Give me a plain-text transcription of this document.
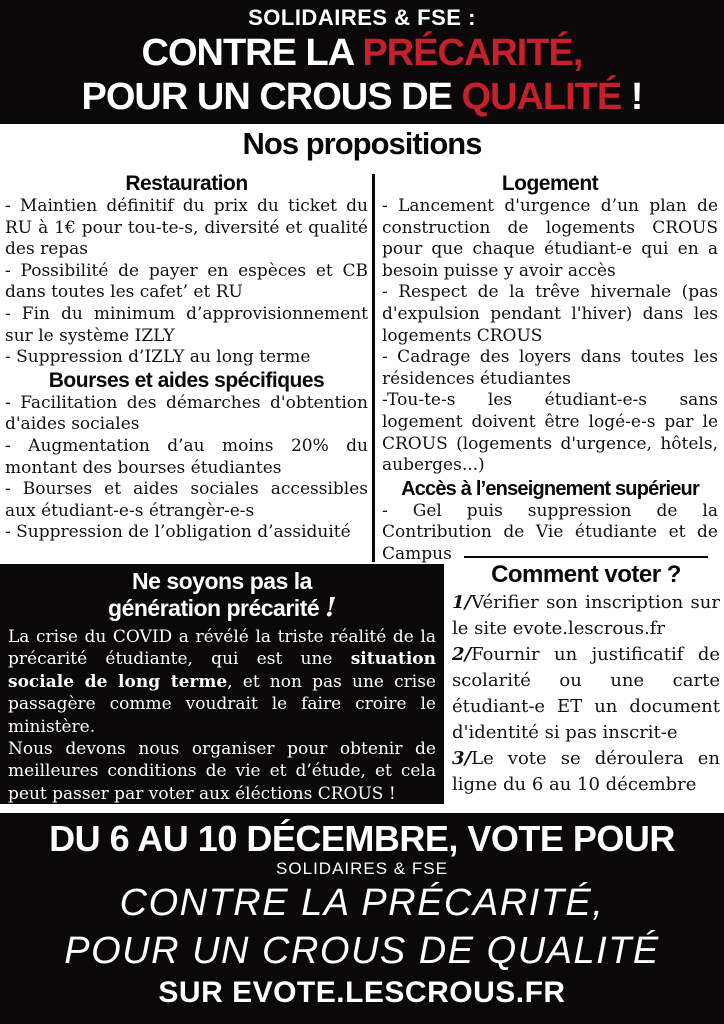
SOLIDAIRES & FSE :
CONTRE LA PRÉCARITÉ,
POUR UN CROUS DE QUALITÉ !
Nos propositions

Restauration

- Maintien définitif du prix du ticket du RU à 1€ pour tou-te-s, diversité et qualité des repas

- Possibilité de payer en espèces et CB dans toutes les cafet’ et RU

- Fin du minimum d’approvisionnement sur le système IZLY

- Suppression d’IZLY au long terme

Bourses et aides spécifiques

- Facilitation des démarches d'obtention d'aides sociales

- Augmentation d’au moins 20% du montant des bourses étudiantes

- Bourses et aides sociales accessibles aux étudiant-e-s étrangèr-e-s

- Suppression de l’obligation d’assiduité

Logement

- Lancement d'urgence d’un plan de construction de logements CROUS pour que chaque étudiant-e qui en a besoin puisse y avoir accès

- Respect de la trêve hivernale (pas d'expulsion pendant l'hiver) dans les logements CROUS

- Cadrage des loyers dans toutes les résidences étudiantes

-Tou-te-s les étudiant-e-s sans logement doivent être logé-e-s par le CROUS (logements d'urgence, hôtels, auberges...)

Accès à l’enseignement supérieur

- Gel puis suppression de la Contribution de Vie étudiante et de Campus

Ne soyons pas la
génération précarité !
La crise du COVID a révélé la triste réalité de la précarité étudiante, qui est une situation sociale de long terme, et non pas une crise passagère comme voudrait le faire croire le ministère.
Nous devons nous organiser pour obtenir de meilleures conditions de vie et d’étude, et cela peut passer par voter aux éléctions CROUS !
Comment voter ?

1/Vérifier son inscription sur le site evote.lescrous.fr

2/Fournir un justificatif de scolarité ou une carte étudiant-e ET un document d'identité si pas inscrit-e

3/Le vote se déroulera en ligne du 6 au 10 décembre

DU 6 AU 10 DÉCEMBRE, VOTE POUR
SOLIDAIRES & FSE
CONTRE LA PRÉCARITÉ,
POUR UN CROUS DE QUALITÉ
SUR EVOTE.LESCROUS.FR
